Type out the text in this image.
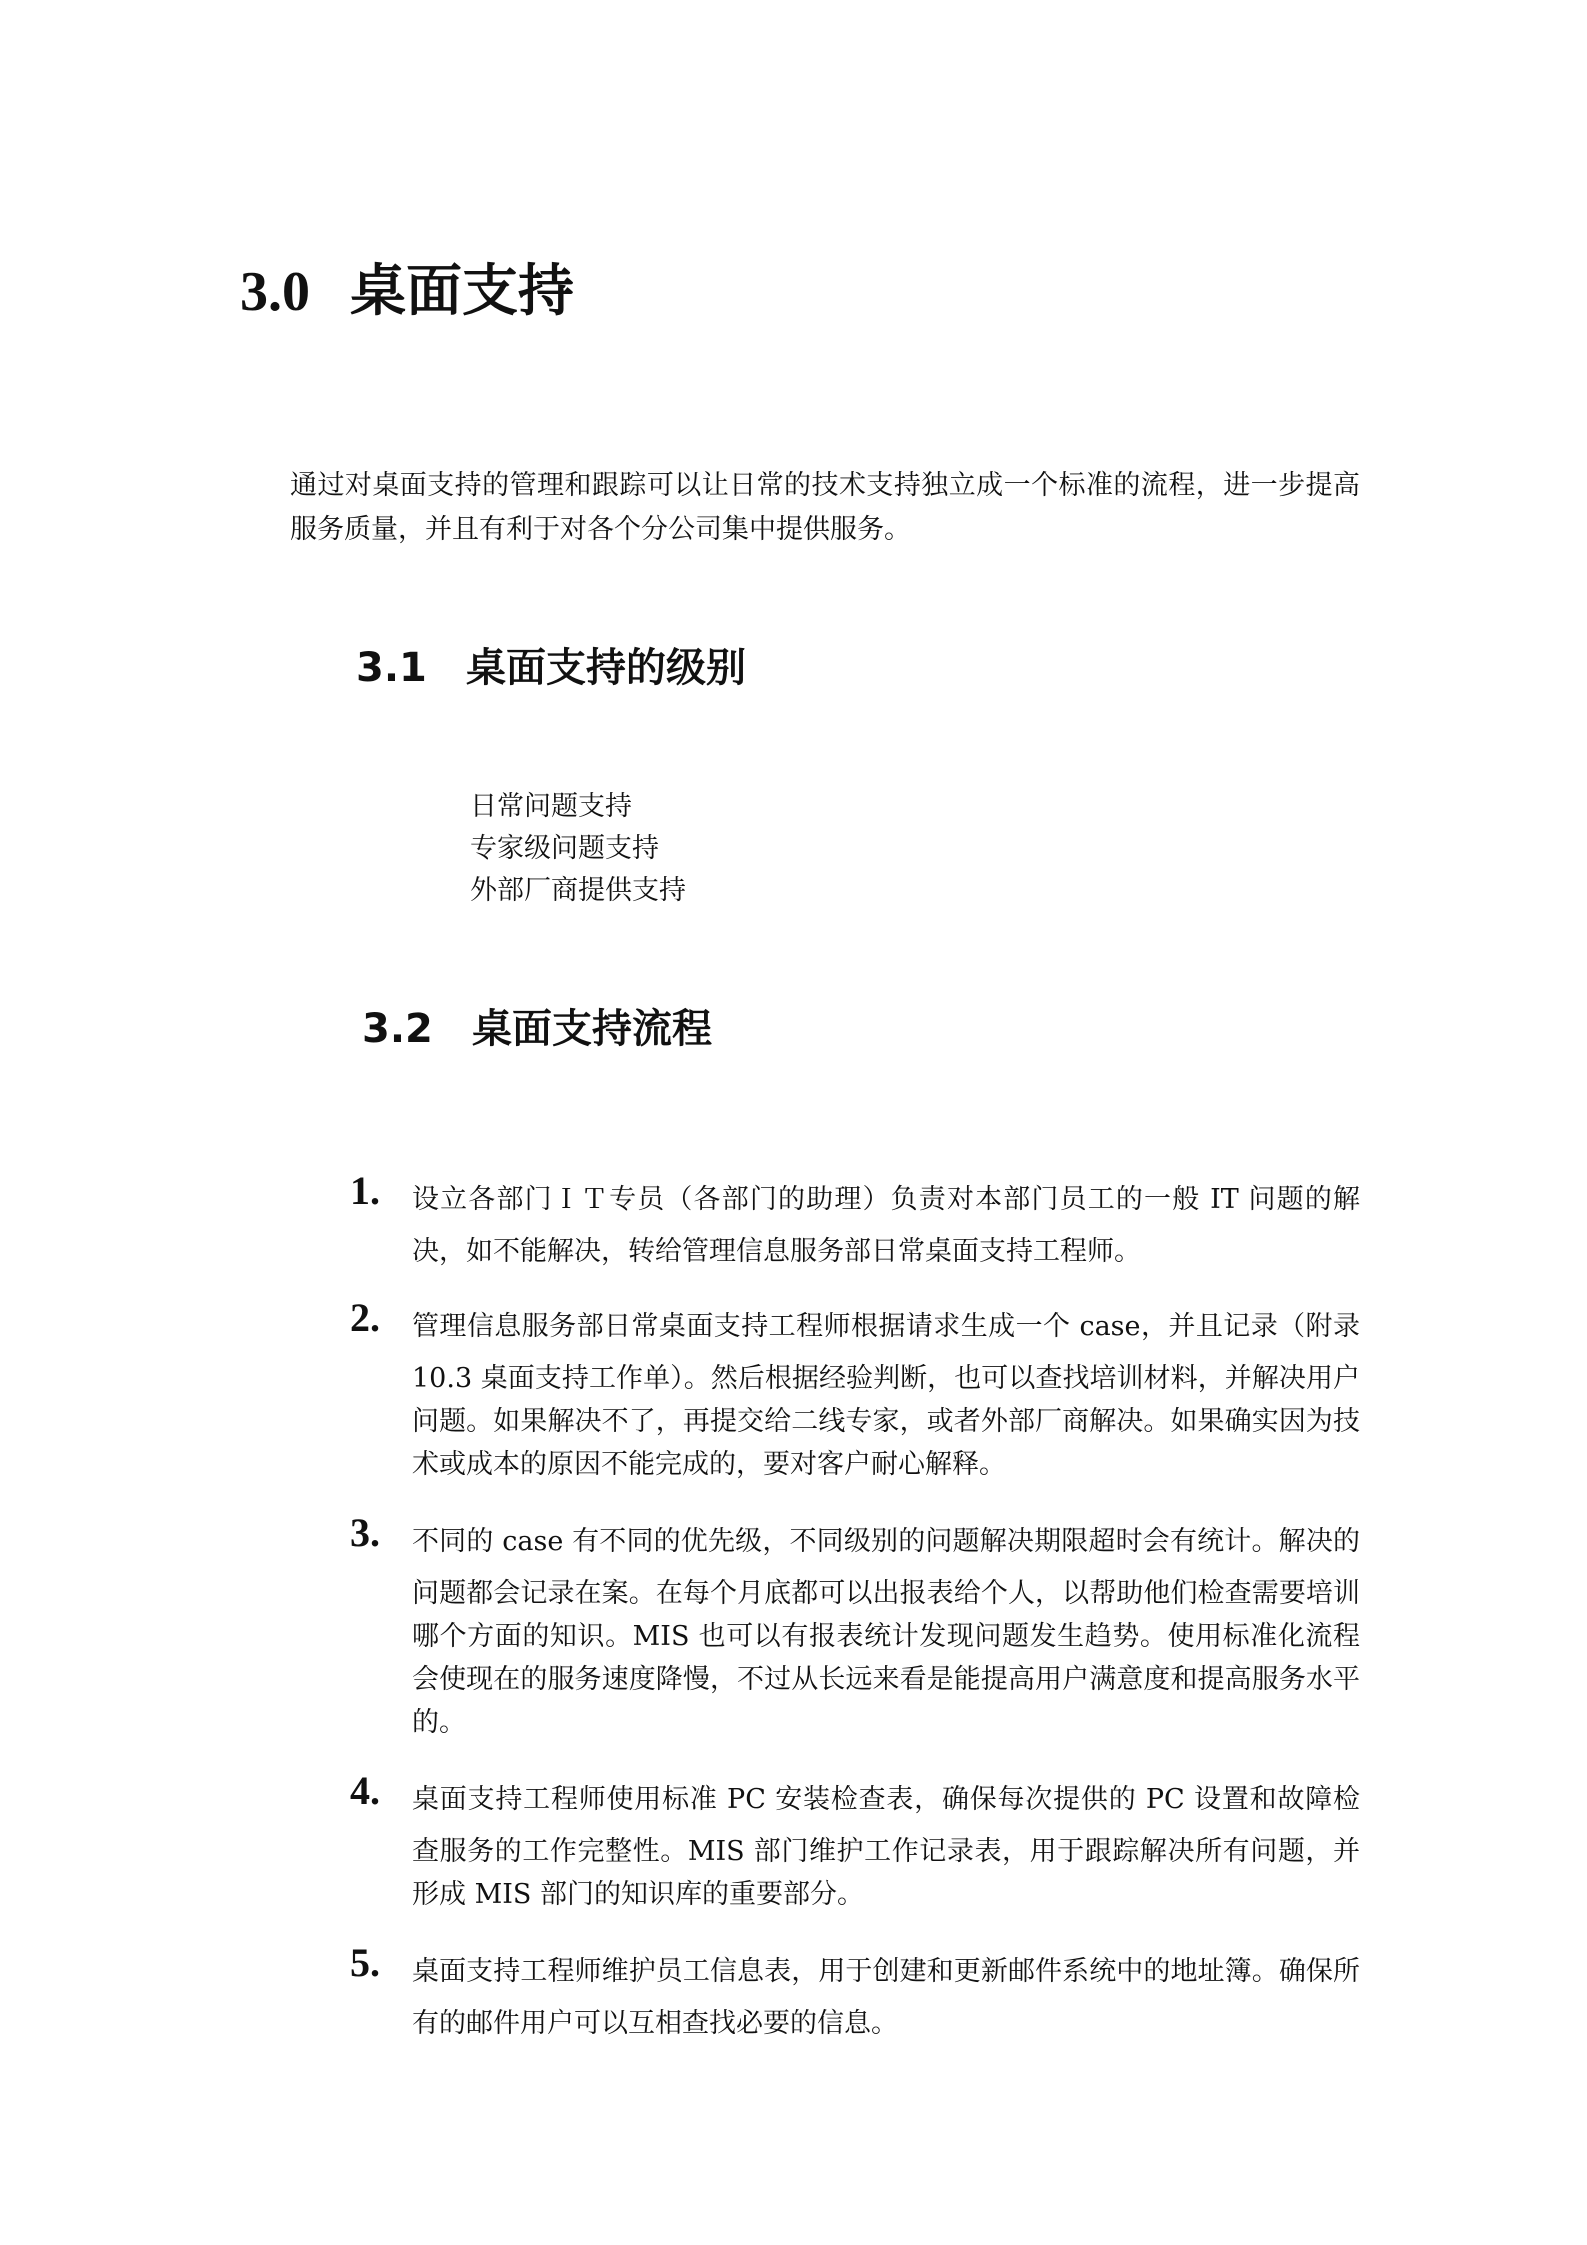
3.0 桌面支持

通过对桌面支持的管理和跟踪可以让日常的技术支持独立成一个标准的流程，进一步提高服务质量，并且有利于对各个分公司集中提供服务。

3.1 桌面支持的级别
日常问题支持
专家级问题支持
外部厂商提供支持
3.2 桌面支持流程
1. 设立各部门ＩＴ专员（各部门的助理）负责对本部门员工的一般 IT 问题的解决，如不能解决，转给管理信息服务部日常桌面支持工程师。
2. 管理信息服务部日常桌面支持工程师根据请求生成一个 case，并且记录（附录 10.3 桌面支持工作单）。然后根据经验判断，也可以查找培训材料，并解决用户问题。如果解决不了，再提交给二线专家，或者外部厂商解决。如果确实因为技术或成本的原因不能完成的，要对客户耐心解释。
3. 不同的 case 有不同的优先级，不同级别的问题解决期限超时会有统计。解决的问题都会记录在案。在每个月底都可以出报表给个人，以帮助他们检查需要培训哪个方面的知识。MIS 也可以有报表统计发现问题发生趋势。使用标准化流程会使现在的服务速度降慢，不过从长远来看是能提高用户满意度和提高服务水平的。
4. 桌面支持工程师使用标准 PC 安装检查表，确保每次提供的 PC 设置和故障检查服务的工作完整性。MIS 部门维护工作记录表，用于跟踪解决所有问题，并形成 MIS 部门的知识库的重要部分。
5. 桌面支持工程师维护员工信息表，用于创建和更新邮件系统中的地址簿。确保所有的邮件用户可以互相查找必要的信息。
